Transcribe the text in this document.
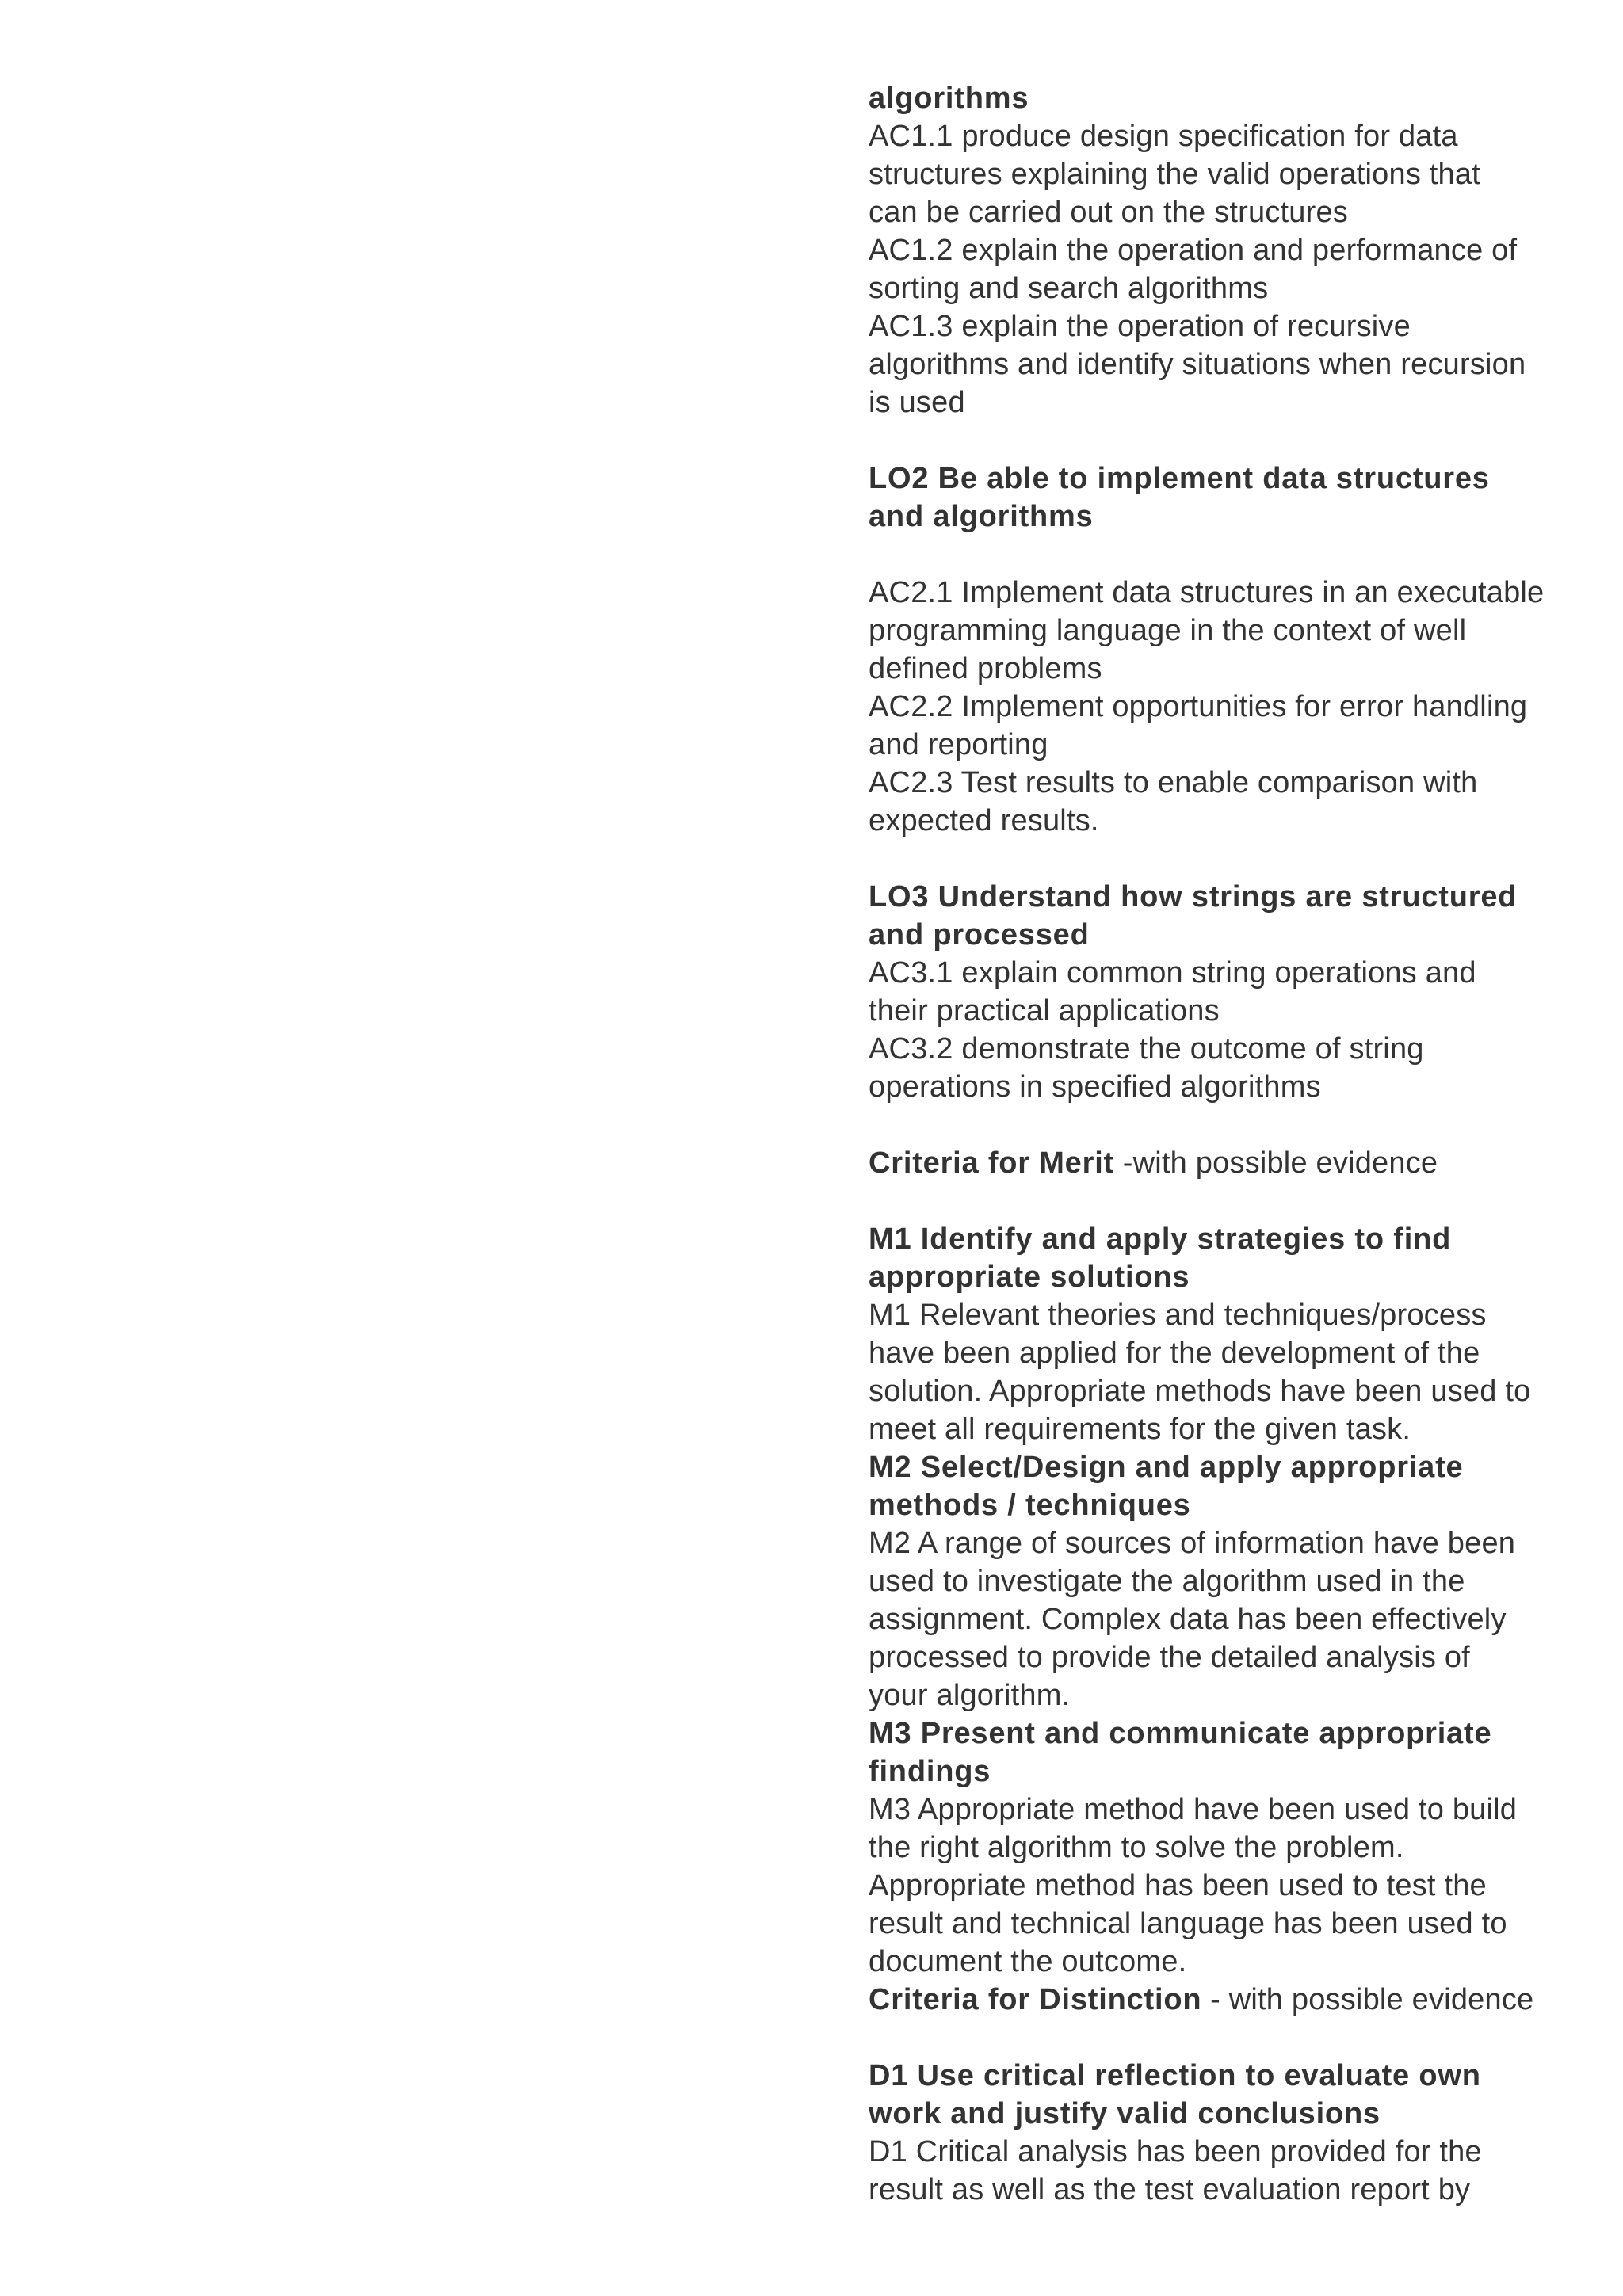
algorithms
AC1.1 produce design specification for data
structures explaining the valid operations that
can be carried out on the structures
AC1.2 explain the operation and performance of
sorting and search algorithms
AC1.3 explain the operation of recursive
algorithms and identify situations when recursion
is used
LO2 Be able to implement data structures
and algorithms
AC2.1 Implement data structures in an executable
programming language in the context of well
defined problems
AC2.2 Implement opportunities for error handling
and reporting
AC2.3 Test results to enable comparison with
expected results.
LO3 Understand how strings are structured
and processed
AC3.1 explain common string operations and
their practical applications
AC3.2 demonstrate the outcome of string
operations in specified algorithms
Criteria for Merit -with possible evidence
M1 Identify and apply strategies to find
appropriate solutions
M1 Relevant theories and techniques/process
have been applied for the development of the
solution. Appropriate methods have been used to
meet all requirements for the given task.
M2 Select/Design and apply appropriate
methods / techniques
M2 A range of sources of information have been
used to investigate the algorithm used in the
assignment. Complex data has been effectively
processed to provide the detailed analysis of
your algorithm.
M3 Present and communicate appropriate
findings
M3 Appropriate method have been used to build
the right algorithm to solve the problem.
Appropriate method has been used to test the
result and technical language has been used to
document the outcome.
Criteria for Distinction - with possible evidence
D1 Use critical reflection to evaluate own
work and justify valid conclusions
D1 Critical analysis has been provided for the
result as well as the test evaluation report by
